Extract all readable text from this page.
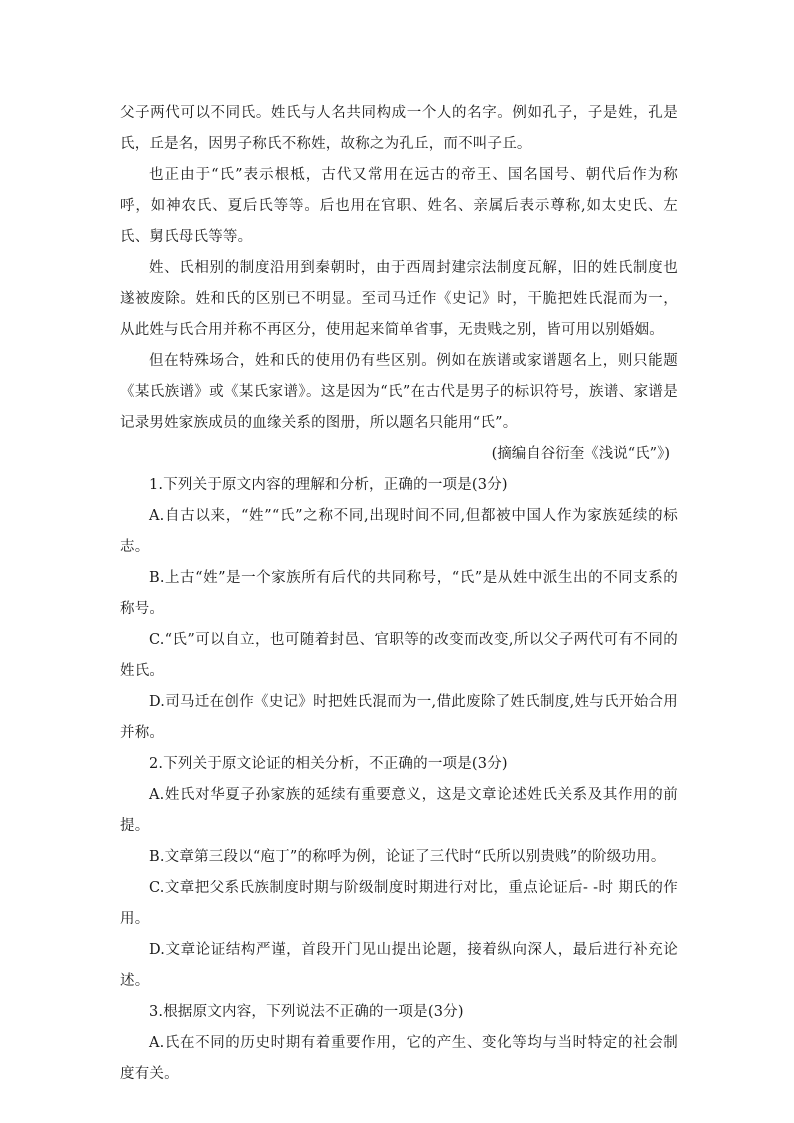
父子两代可以不同氏。姓氏与人名共同构成一个人的名字。例如孔子，子是姓，孔是氏，丘是名，因男子称氏不称姓，故称之为孔丘，而不叫子丘。

也正由于“氏”表示根柢，古代又常用在远古的帝王、国名国号、朝代后作为称呼，如神农氏、夏后氏等等。后也用在官职、姓名、亲属后表示尊称,如太史氏、左氏、舅氏母氏等等。

姓、氏相别的制度沿用到秦朝时，由于西周封建宗法制度瓦解，旧的姓氏制度也遂被废除。姓和氏的区别已不明显。至司马迁作《史记》时，干脆把姓氏混而为一，从此姓与氏合用并称不再区分，使用起来简单省事，无贵贱之别，皆可用以别婚姻。

但在特殊场合，姓和氏的使用仍有些区别。例如在族谱或家谱题名上，则只能题《某氏族谱》或《某氏家谱》。这是因为“氏”在古代是男子的标识符号，族谱、家谱是记录男姓家族成员的血缘关系的图册，所以题名只能用“氏”。

(摘编自谷衍奎《浅说“氏”》)

1.下列关于原文内容的理解和分析，正确的一项是(3分)

A.自古以来，“姓”“氏”之称不同,出现时间不同,但都被中国人作为家族延续的标志。

B.上古“姓”是一个家族所有后代的共同称号，“氏”是从姓中派生出的不同支系的称号。

C.“氏”可以自立，也可随着封邑、官职等的改变而改变,所以父子两代可有不同的姓氏。

D.司马迁在创作《史记》时把姓氏混而为一,借此废除了姓氏制度,姓与氏开始合用并称。

2.下列关于原文论证的相关分析，不正确的一项是(3分)

A.姓氏对华夏子孙家族的延续有重要意义，这是文章论述姓氏关系及其作用的前提。

B.文章第三段以“庖丁”的称呼为例，论证了三代时“氏所以别贵贱”的阶级功用。

C.文章把父系氏族制度时期与阶级制度时期进行对比，重点论证后- -时 期氏的作用。

D.文章论证结构严谨，首段开门见山提出论题，接着纵向深人，最后进行补充论述。

3.根据原文内容，下列说法不正确的一项是(3分)

A.氏在不同的历史时期有着重要作用，它的产生、变化等均与当时特定的社会制度有关。
